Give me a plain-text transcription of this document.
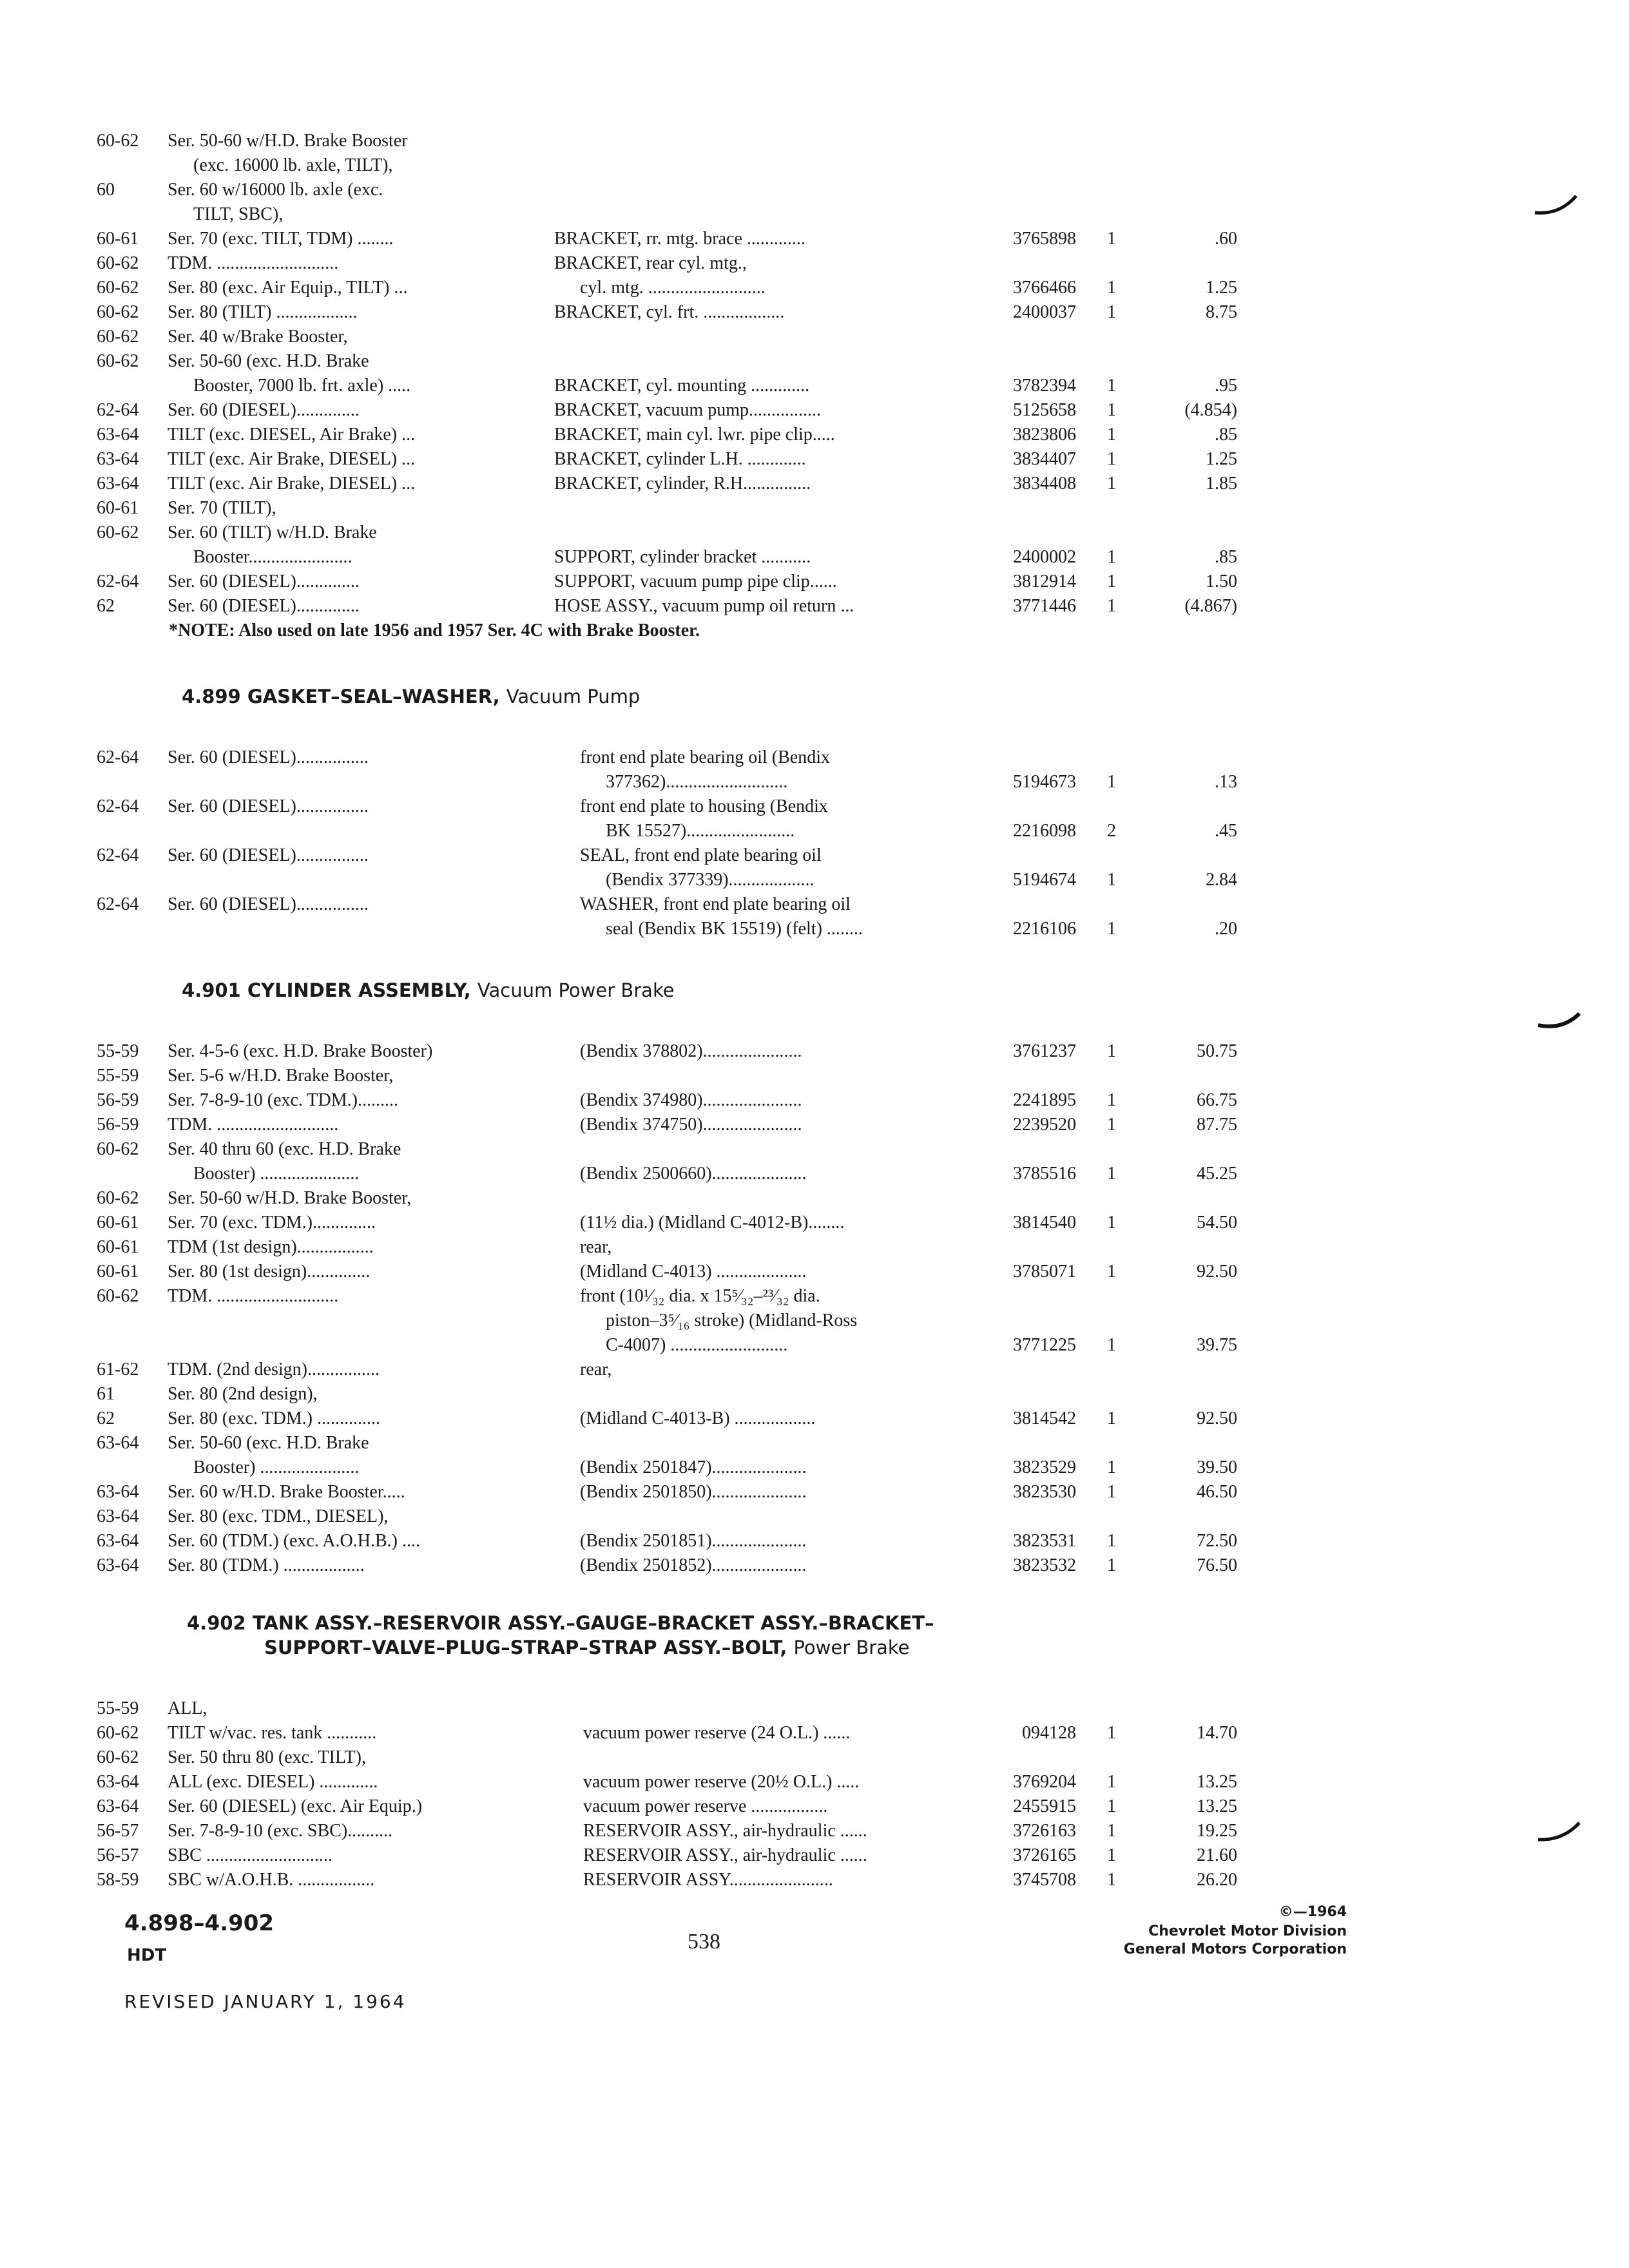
60-62 Ser. 50-60 w/H.D. Brake Booster
(exc. 16000 lb. axle, TILT),
60	Ser. 60 w/16000 lb. axle (exc.
TILT, SBC),
60-61 Ser. 70 (exc. TILT, TDM) ........	BRACKET, rr. mtg. brace .............	3765898 1	.60
60-62 TDM. ...........................	BRACKET, rear cyl. mtg.,
60-62 Ser. 80 (exc. Air Equip., TILT) ...	cyl. mtg. ..........................	3766466 1	1.25
60-62 Ser. 80 (TILT) ..................	BRACKET, cyl. frt. ..................	2400037 1	8.75
60-62 Ser. 40 w/Brake Booster,
60-62 Ser. 50-60 (exc. H.D. Brake
Booster, 7000 lb. frt. axle) .....	BRACKET, cyl. mounting .............	3782394 1	.95
62-64 Ser. 60 (DIESEL)..............	BRACKET, vacuum pump................	5125658 1	(4.854)
63-64 TILT (exc. DIESEL, Air Brake) ...	BRACKET, main cyl. lwr. pipe clip.....	3823806 1	.85
63-64 TILT (exc. Air Brake, DIESEL) ...	BRACKET, cylinder L.H. .............	3834407 1	1.25
63-64 TILT (exc. Air Brake, DIESEL) ...	BRACKET, cylinder, R.H...............	3834408 1	1.85
60-61 Ser. 70 (TILT),
60-62 Ser. 60 (TILT) w/H.D. Brake
Booster.......................	SUPPORT, cylinder bracket ...........	2400002 1	.85
62-64 Ser. 60 (DIESEL)..............	SUPPORT, vacuum pump pipe clip......	3812914 1	1.50
62	Ser. 60 (DIESEL)..............	HOSE ASSY., vacuum pump oil return ...	3771446 1	(4.867)
*NOTE: Also used on late 1956 and 1957 Ser. 4C with Brake Booster.
4.899 GASKET–SEAL–WASHER, Vacuum Pump
62-64 Ser. 60 (DIESEL)................	front end plate bearing oil (Bendix
377362)...........................	5194673 1	.13
62-64 Ser. 60 (DIESEL)................	front end plate to housing (Bendix
BK 15527)........................	2216098 2	.45
62-64 Ser. 60 (DIESEL)................	SEAL, front end plate bearing oil
(Bendix 377339)...................	5194674 1	2.84
62-64 Ser. 60 (DIESEL)................	WASHER, front end plate bearing oil
seal (Bendix BK 15519) (felt) ........	2216106 1	.20
4.901 CYLINDER ASSEMBLY, Vacuum Power Brake
55-59 Ser. 4-5-6 (exc. H.D. Brake Booster)	(Bendix 378802)......................	3761237 1	50.75
55-59 Ser. 5-6 w/H.D. Brake Booster,
56-59 Ser. 7-8-9-10 (exc. TDM.).........	(Bendix 374980)......................	2241895 1	66.75
56-59 TDM. ...........................	(Bendix 374750)......................	2239520 1	87.75
60-62 Ser. 40 thru 60 (exc. H.D. Brake
Booster) ......................	(Bendix 2500660).....................	3785516 1	45.25
60-62 Ser. 50-60 w/H.D. Brake Booster,
60-61 Ser. 70 (exc. TDM.)..............	(11½ dia.) (Midland C-4012-B)........	3814540 1	54.50
60-61 TDM (1st design).................	rear,
60-61 Ser. 80 (1st design)..............	(Midland C-4013) ....................	3785071 1	92.50
60-62 TDM. ...........................	front (10¹⁄₃₂ dia. x 15⁵⁄₃₂–²³⁄₃₂ dia.
piston–3⁵⁄₁₆ stroke) (Midland-Ross
C-4007) ..........................	3771225 1	39.75
61-62 TDM. (2nd design)................	rear,
61	Ser. 80 (2nd design),
62	Ser. 80 (exc. TDM.) ..............	(Midland C-4013-B) ..................	3814542 1	92.50
63-64 Ser. 50-60 (exc. H.D. Brake
Booster) ......................	(Bendix 2501847).....................	3823529 1	39.50
63-64 Ser. 60 w/H.D. Brake Booster.....	(Bendix 2501850).....................	3823530 1	46.50
63-64 Ser. 80 (exc. TDM., DIESEL),
63-64 Ser. 60 (TDM.) (exc. A.O.H.B.) ....	(Bendix 2501851).....................	3823531 1	72.50
63-64 Ser. 80 (TDM.) ..................	(Bendix 2501852).....................	3823532 1	76.50
4.902 TANK ASSY.–RESERVOIR ASSY.–GAUGE–BRACKET ASSY.–BRACKET–
SUPPORT–VALVE–PLUG–STRAP–STRAP ASSY.–BOLT, Power Brake
55-59 ALL,
60-62 TILT w/vac. res. tank ...........	vacuum power reserve (24 O.L.) ......	094128 1	14.70
60-62 Ser. 50 thru 80 (exc. TILT),
63-64 ALL (exc. DIESEL) .............	vacuum power reserve (20½ O.L.) .....	3769204 1	13.25
63-64 Ser. 60 (DIESEL) (exc. Air Equip.)	vacuum power reserve .................	2455915 1	13.25
56-57 Ser. 7-8-9-10 (exc. SBC)..........	RESERVOIR ASSY., air-hydraulic ......	3726163 1	19.25
56-57 SBC ............................	RESERVOIR ASSY., air-hydraulic ......	3726165 1	21.60
58-59 SBC w/A.O.H.B. .................	RESERVOIR ASSY.......................	3745708 1	26.20
4.898–4.902
HDT
538
©—1964
Chevrolet Motor Division
General Motors Corporation
REVISED JANUARY 1, 1964
